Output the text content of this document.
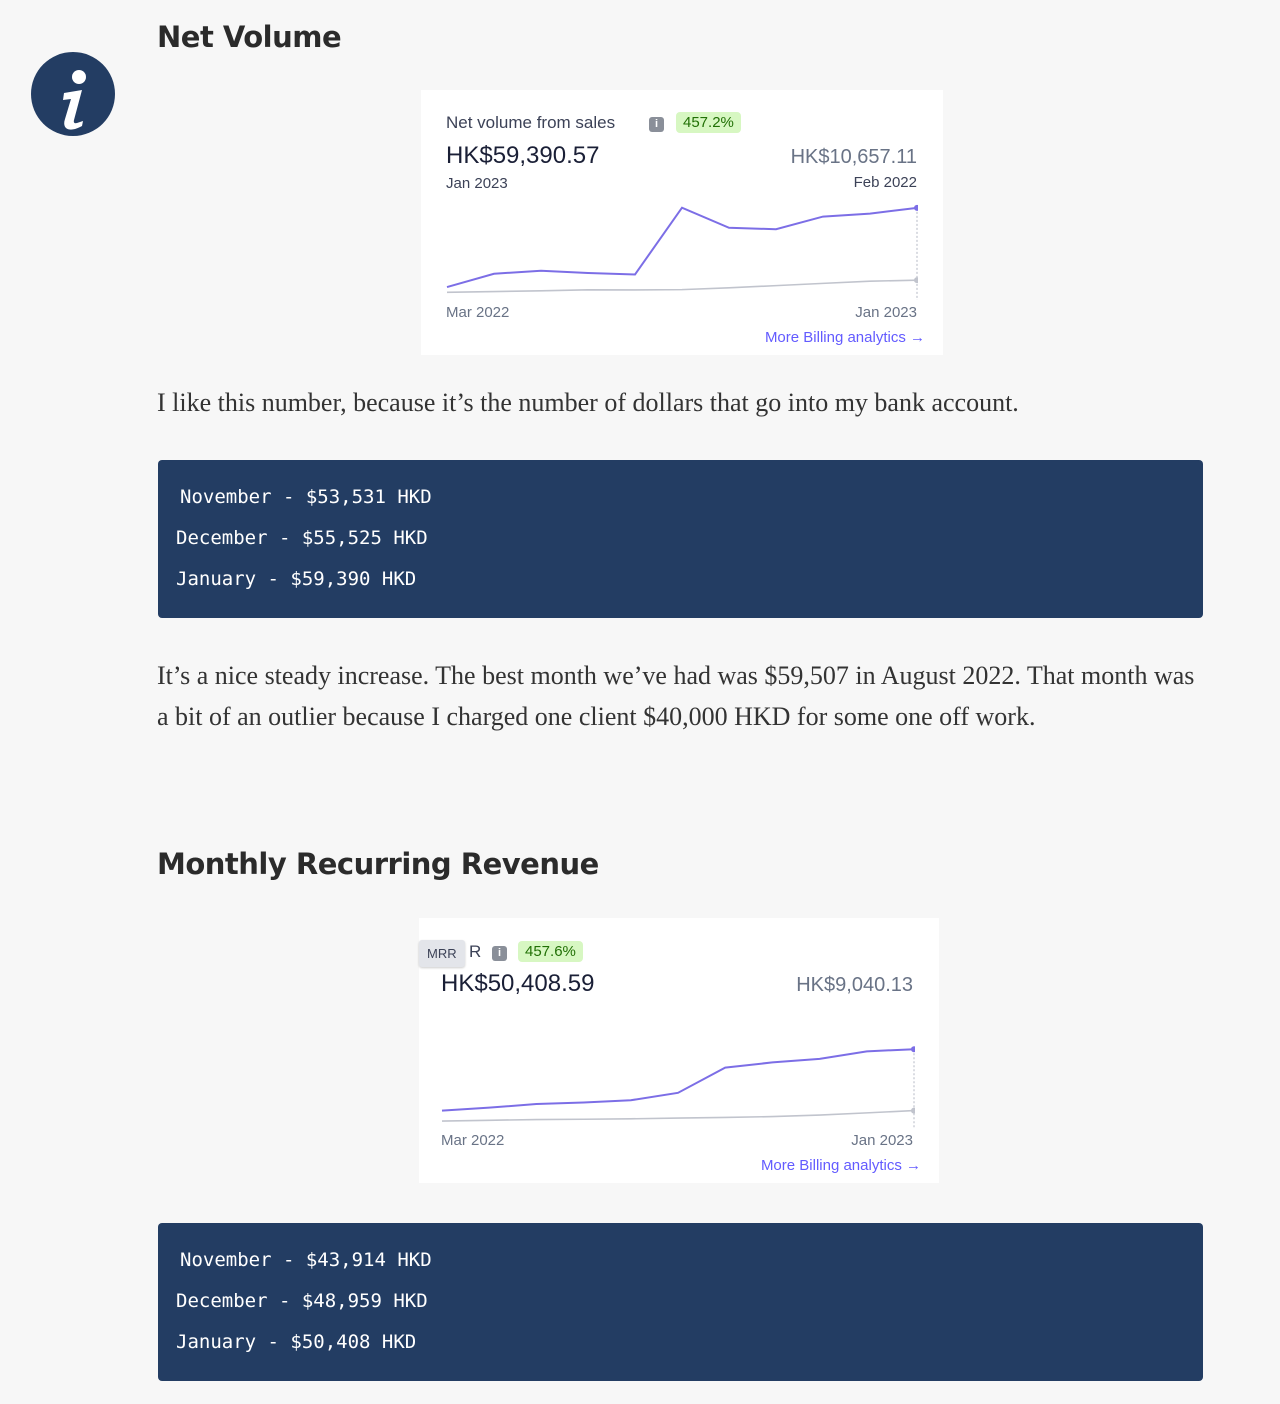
Net Volume
Net volume from sales	i	457.2%
HK$59,390.57
Jan 2023
HK$10,657.11
Feb 2022
Mar 2022	Jan 2023
More Billing analytics →
I like this number, because it’s the number of dollars that go into my bank account.
November - $53,531 HKD
December - $55,525 HKD
January - $59,390 HKD
It’s a nice steady increase. The best month we’ve had was $59,507 in August 2022. That month was a bit of an outlier because I charged one client $40,000 HKD for some one off work.
Monthly Recurring Revenue
R
MRR	i	457.6%
HK$50,408.59	HK$9,040.13
Mar 2022	Jan 2023
More Billing analytics →
November - $43,914 HKD
December - $48,959 HKD
January - $50,408 HKD
